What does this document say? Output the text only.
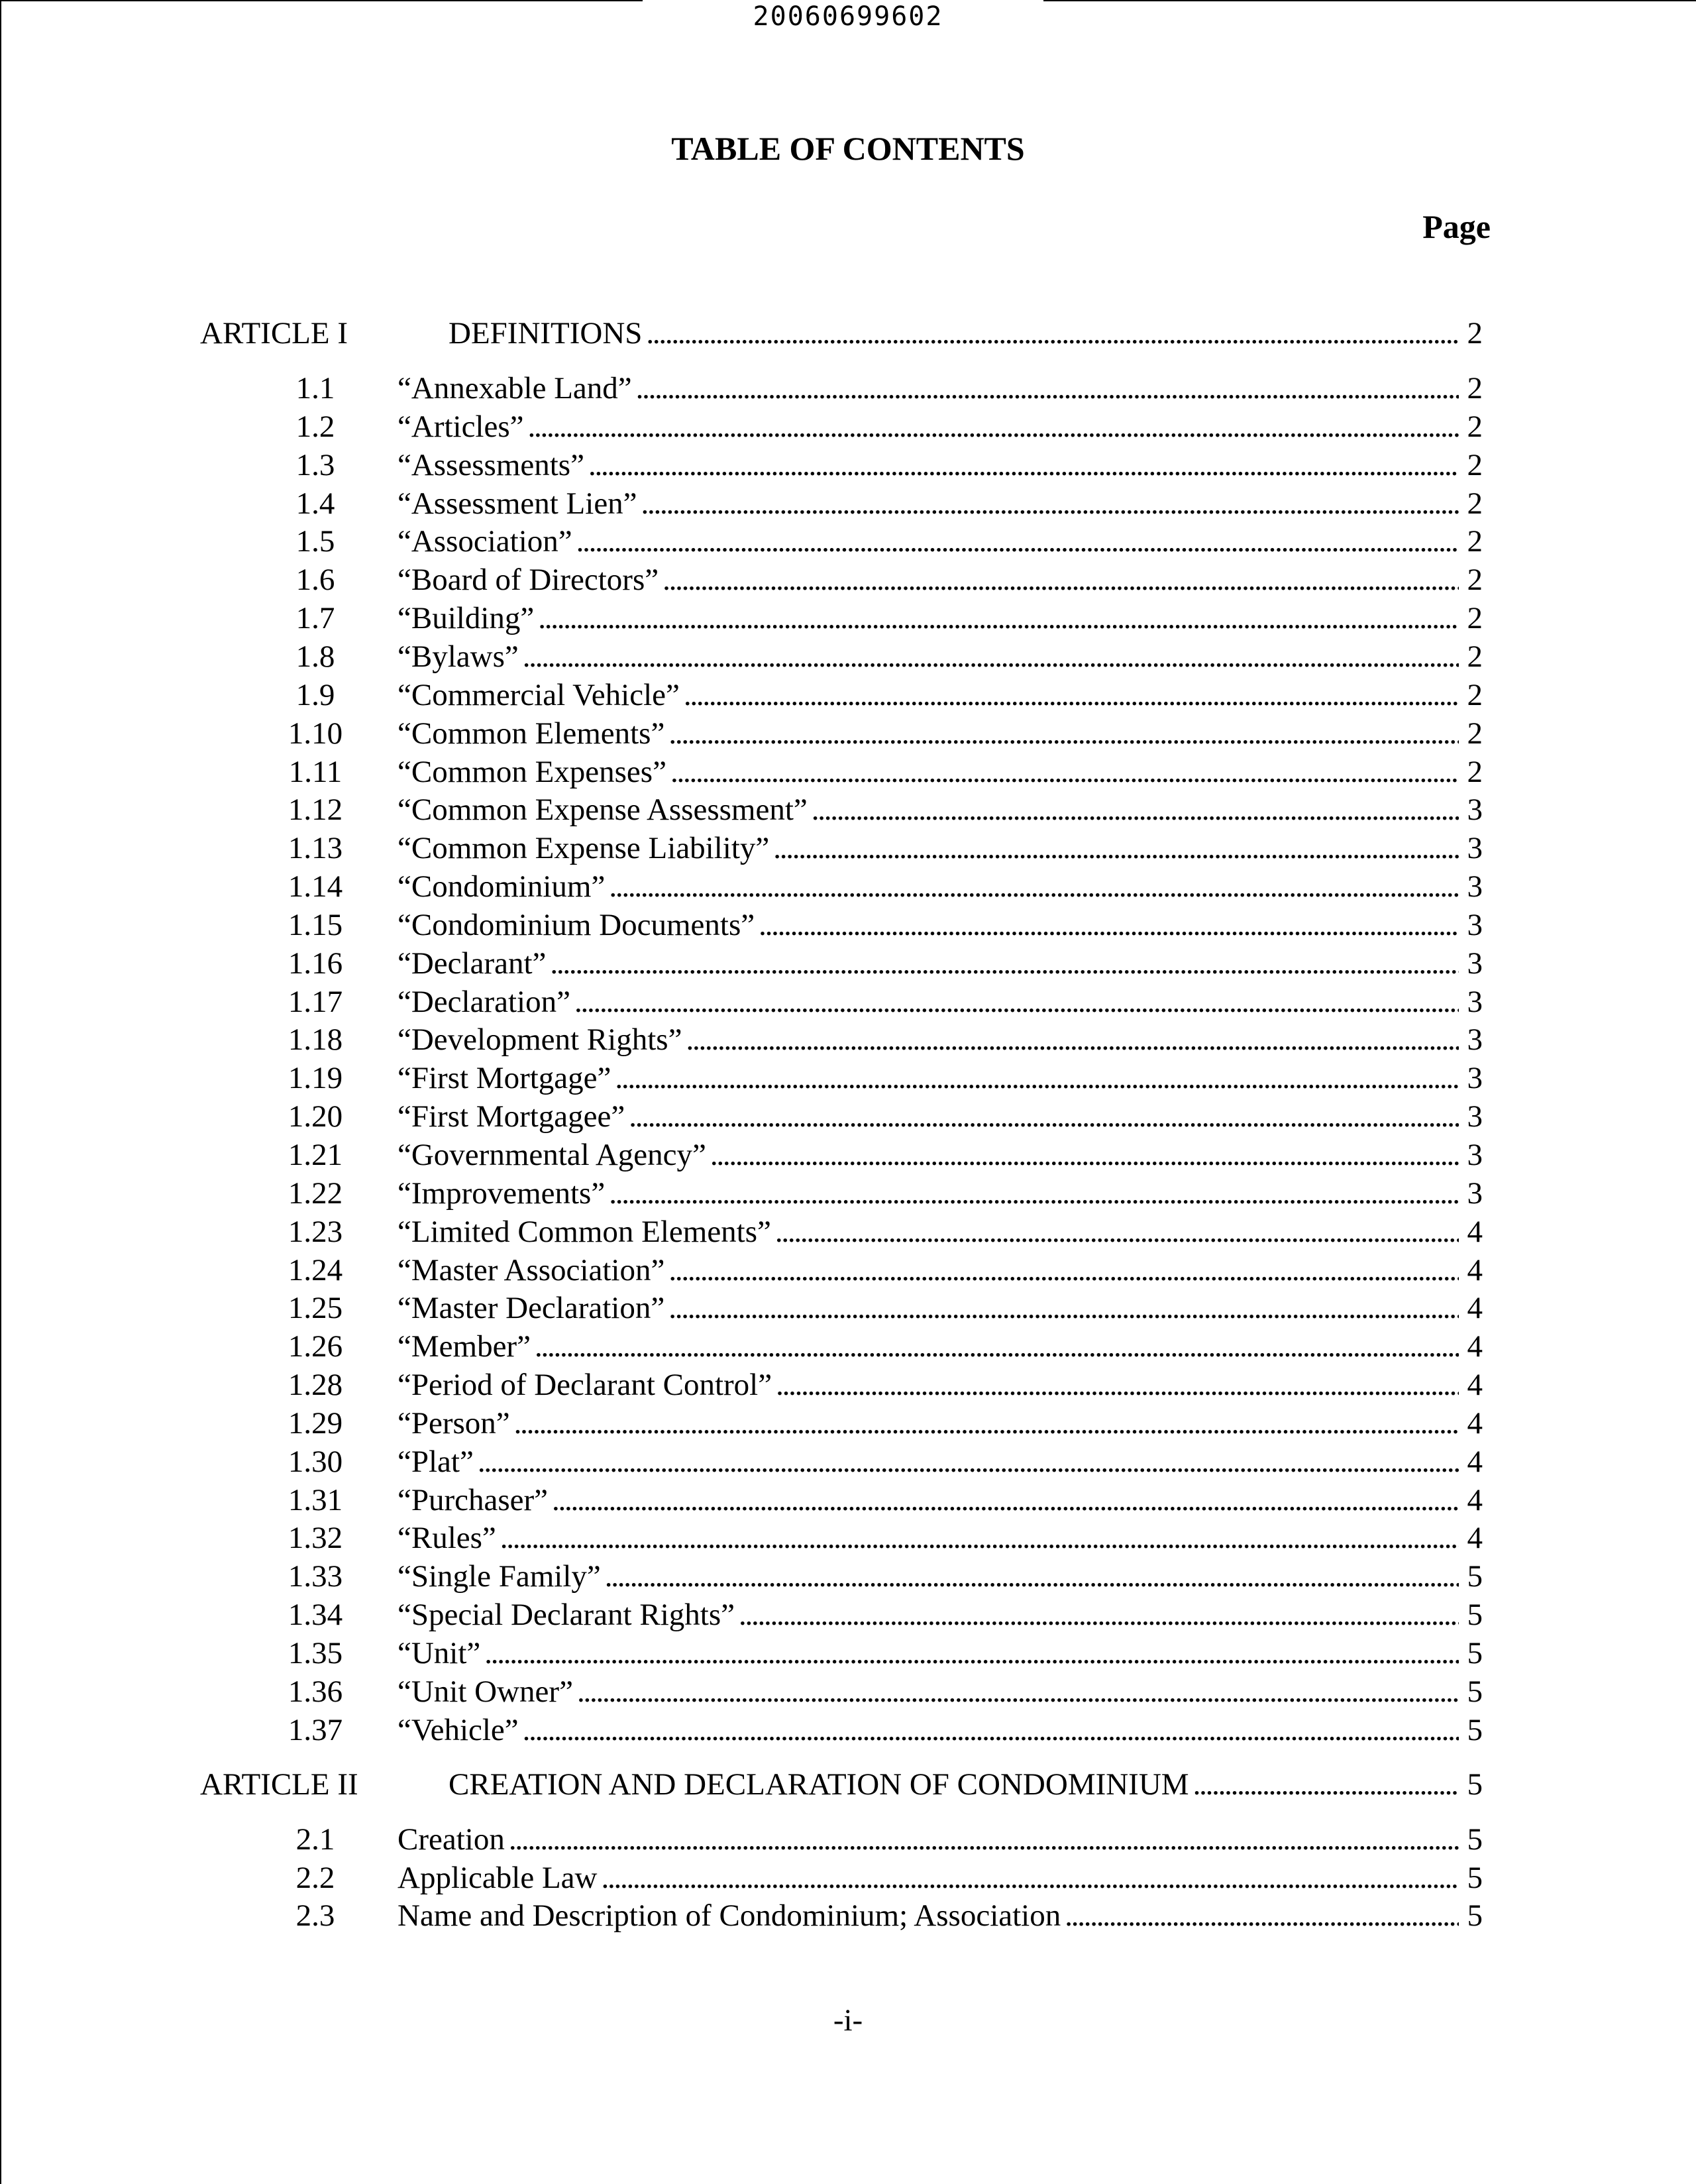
20060699602
TABLE OF CONTENTS
Page
ARTICLE I	DEFINITIONS . . .	2
1.1	“Annexable Land” . . .	2
1.2	“Articles” . . .	2
1.3	“Assessments” . . .	2
1.4	“Assessment Lien” . . .	2
1.5	“Association” . . .	2
1.6	“Board of Directors” . . .	2
1.7	“Building” . . .	2
1.8	“Bylaws” . . .	2
1.9	“Commercial Vehicle” . . .	2
1.10	“Common Elements” . . .	2
1.11	“Common Expenses” . . .	2
1.12	“Common Expense Assessment” . . .	3
1.13	“Common Expense Liability” . . .	3
1.14	“Condominium” . . .	3
1.15	“Condominium Documents” . . .	3
1.16	“Declarant” . . .	3
1.17	“Declaration” . . .	3
1.18	“Development Rights” . . .	3
1.19	“First Mortgage” . . .	3
1.20	“First Mortgagee” . . .	3
1.21	“Governmental Agency” . . .	3
1.22	“Improvements” . . .	3
1.23	“Limited Common Elements” . . .	4
1.24	“Master Association” . . .	4
1.25	“Master Declaration” . . .	4
1.26	“Member” . . .	4
1.28	“Period of Declarant Control” . . .	4
1.29	“Person” . . .	4
1.30	“Plat” . . .	4
1.31	“Purchaser” . . .	4
1.32	“Rules” . . .	4
1.33	“Single Family” . . .	5
1.34	“Special Declarant Rights” . . .	5
1.35	“Unit” . . .	5
1.36	“Unit Owner” . . .	5
1.37	“Vehicle” . . .	5
ARTICLE II	CREATION AND DECLARATION OF CONDOMINIUM . . .	5
2.1	Creation . . .	5
2.2	Applicable Law . . .	5
2.3	Name and Description of Condominium; Association . . .	5
-i-
